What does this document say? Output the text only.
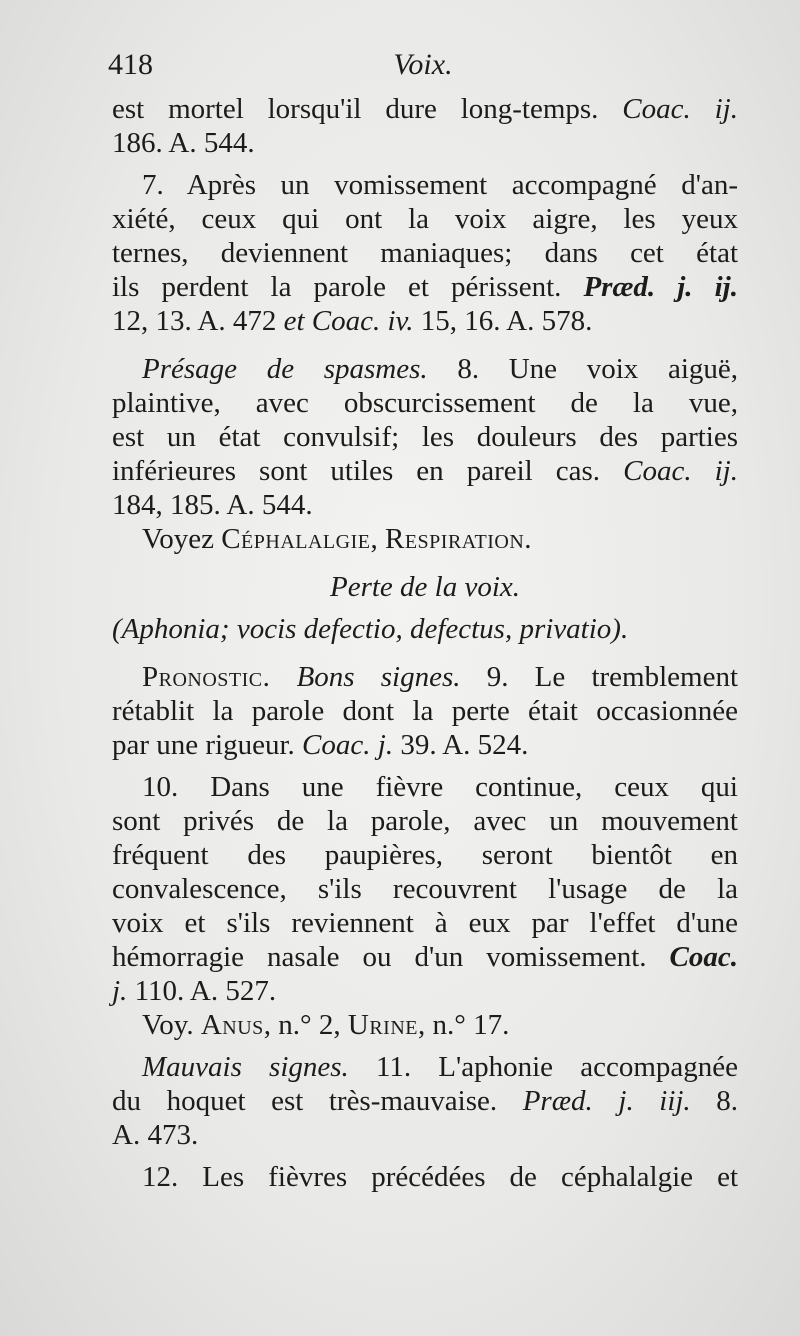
418	Voix.
est mortel lorsqu'il dure long-temps. Coac. ij.
186. A. 544.
7. Après un vomissement accompagné d'an-
xiété, ceux qui ont la voix aigre, les yeux
ternes, deviennent maniaques; dans cet état
ils perdent la parole et périssent. Præd. j. ij.
12, 13. A. 472 et Coac. iv. 15, 16. A. 578.
Présage de spasmes. 8. Une voix aiguë,
plaintive, avec obscurcissement de la vue,
est un état convulsif; les douleurs des parties
inférieures sont utiles en pareil cas. Coac. ij.
184, 185. A. 544.
Voyez Céphalalgie, Respiration.
Perte de la voix.
(Aphonia; vocis defectio, defectus, privatio).
Pronostic. Bons signes. 9. Le tremblement
rétablit la parole dont la perte était occasionnée
par une rigueur. Coac. j. 39. A. 524.
10. Dans une fièvre continue, ceux qui
sont privés de la parole, avec un mouvement
fréquent des paupières, seront bientôt en
convalescence, s'ils recouvrent l'usage de la
voix et s'ils reviennent à eux par l'effet d'une
hémorragie nasale ou d'un vomissement. Coac.
j. 110. A. 527.
Voy. Anus, n.° 2, Urine, n.° 17.
Mauvais signes. 11. L'aphonie accompagnée
du hoquet est très-mauvaise. Præd. j. iij. 8.
A. 473.
12. Les fièvres précédées de céphalalgie et
